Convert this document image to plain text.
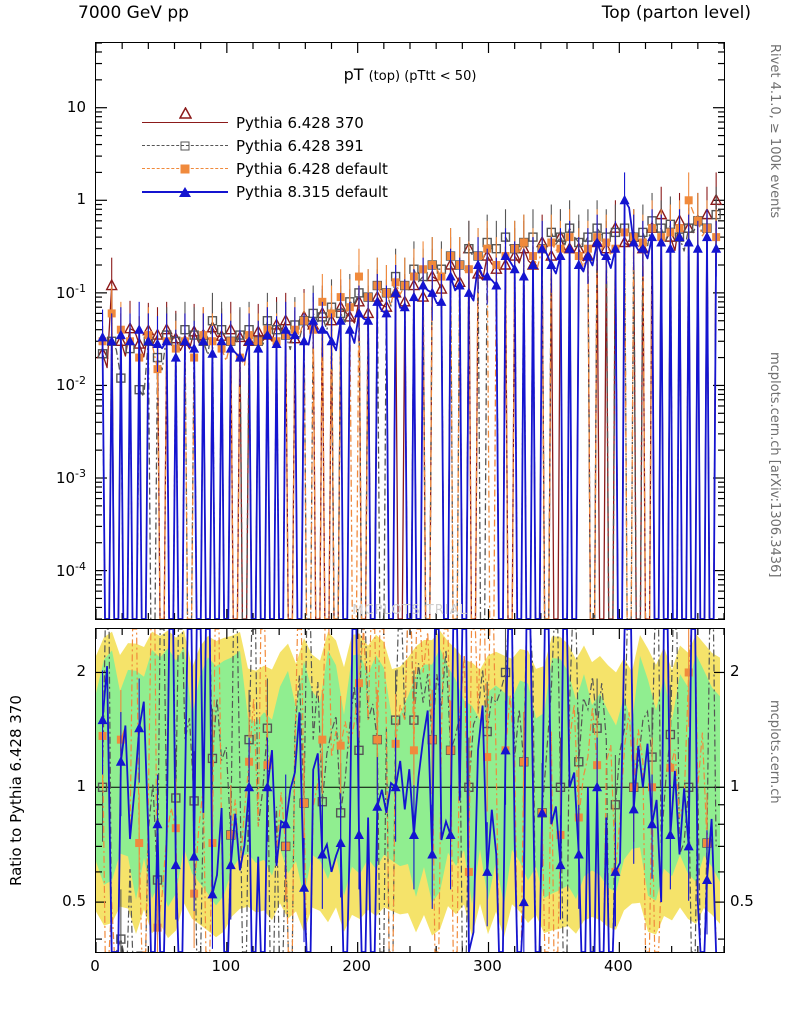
7000 GeV pp	Top (parton level)
Rivet 4.1.0, ≥ 100k events
mcplots.cern.ch [arXiv:1306.3436]
pT (top) (pTtt < 50)
MCPLOTS TRIAL
Pythia 6.428 370
Pythia 6.428 391
Pythia 6.428 default
Pythia 8.315 default
Ratio to Pythia 6.428 370
$10^{-4}$
$10^{-3}$
$10^{-2}$
$10^{-1}$
1
10
0.5
1
2
0.5
1
2
0	100	200	300	400
mcplots.cern.ch
